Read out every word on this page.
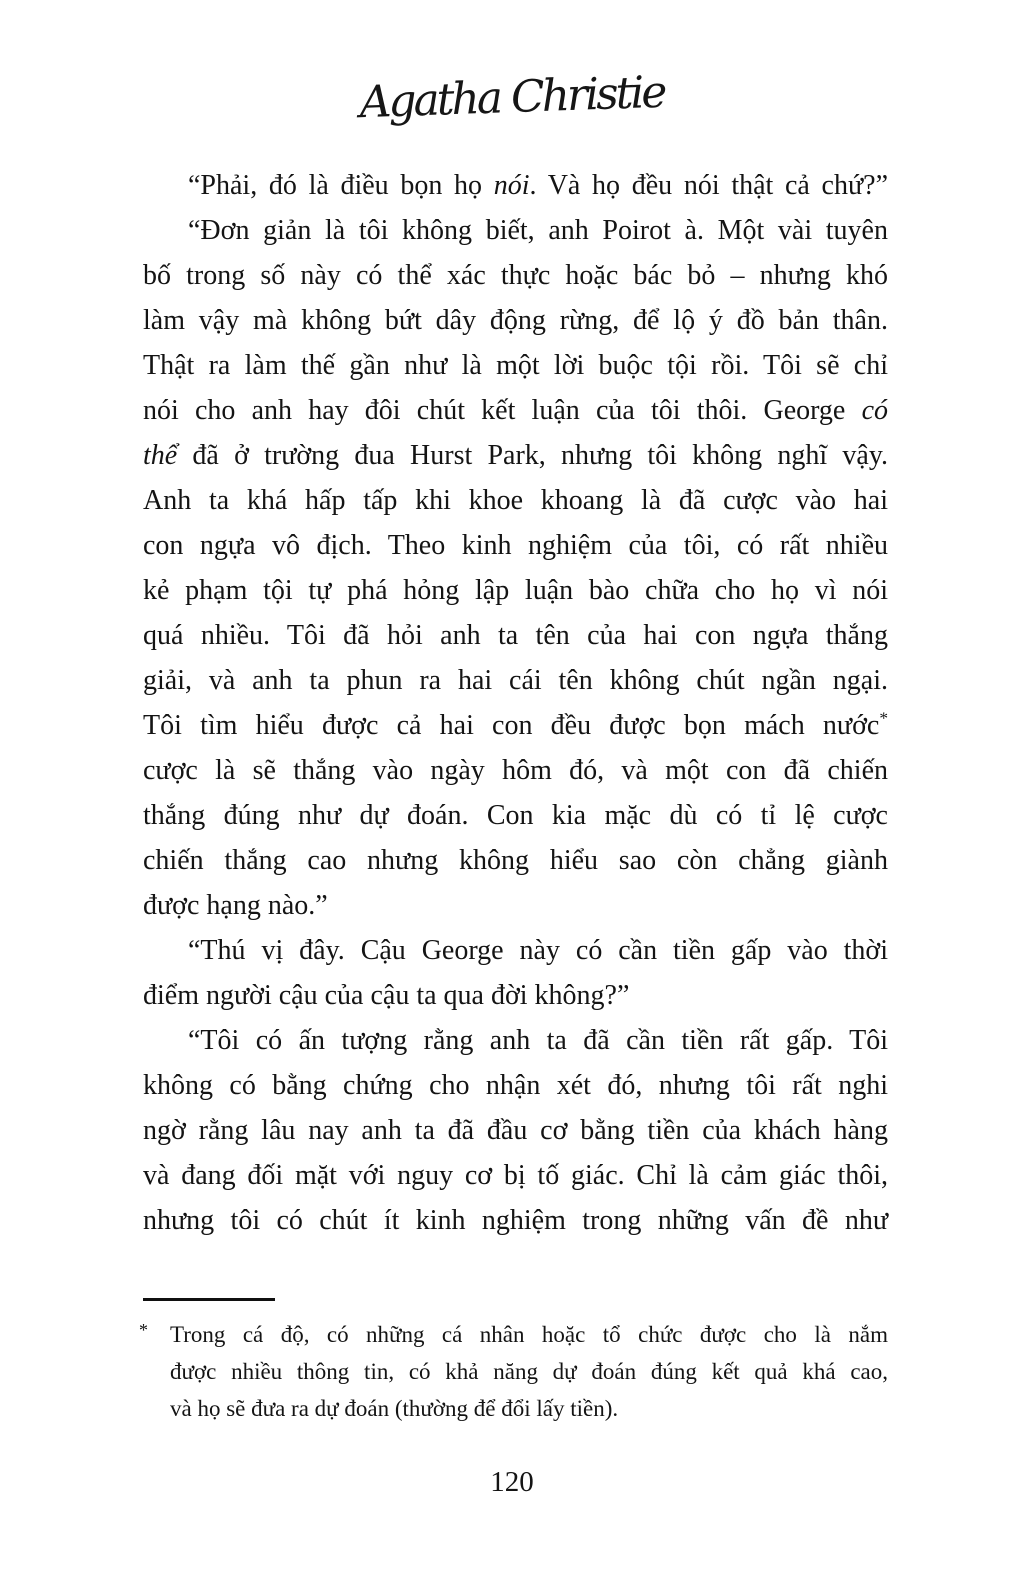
Agatha Christie
“Phải, đó là điều bọn họ nói. Và họ đều nói thật cả chứ?”
“Đơn giản là tôi không biết, anh Poirot à. Một vài tuyên
bố trong số này có thể xác thực hoặc bác bỏ – nhưng khó
làm vậy mà không bứt dây động rừng, để lộ ý đồ bản thân.
Thật ra làm thế gần như là một lời buộc tội rồi. Tôi sẽ chỉ
nói cho anh hay đôi chút kết luận của tôi thôi. George có
thể đã ở trường đua Hurst Park, nhưng tôi không nghĩ vậy.
Anh ta khá hấp tấp khi khoe khoang là đã cược vào hai
con ngựa vô địch. Theo kinh nghiệm của tôi, có rất nhiều
kẻ phạm tội tự phá hỏng lập luận bào chữa cho họ vì nói
quá nhiều. Tôi đã hỏi anh ta tên của hai con ngựa thắng
giải, và anh ta phun ra hai cái tên không chút ngần ngại.
Tôi tìm hiểu được cả hai con đều được bọn mách nước*
cược là sẽ thắng vào ngày hôm đó, và một con đã chiến
thắng đúng như dự đoán. Con kia mặc dù có tỉ lệ cược
chiến thắng cao nhưng không hiểu sao còn chẳng giành
được hạng nào.”
“Thú vị đây. Cậu George này có cần tiền gấp vào thời
điểm người cậu của cậu ta qua đời không?”
“Tôi có ấn tượng rằng anh ta đã cần tiền rất gấp. Tôi
không có bằng chứng cho nhận xét đó, nhưng tôi rất nghi
ngờ rằng lâu nay anh ta đã đầu cơ bằng tiền của khách hàng
và đang đối mặt với nguy cơ bị tố giác. Chỉ là cảm giác thôi,
nhưng tôi có chút ít kinh nghiệm trong những vấn đề như
* Trong cá độ, có những cá nhân hoặc tổ chức được cho là nắm
được nhiều thông tin, có khả năng dự đoán đúng kết quả khá cao,
và họ sẽ đưa ra dự đoán (thường để đổi lấy tiền).
120
